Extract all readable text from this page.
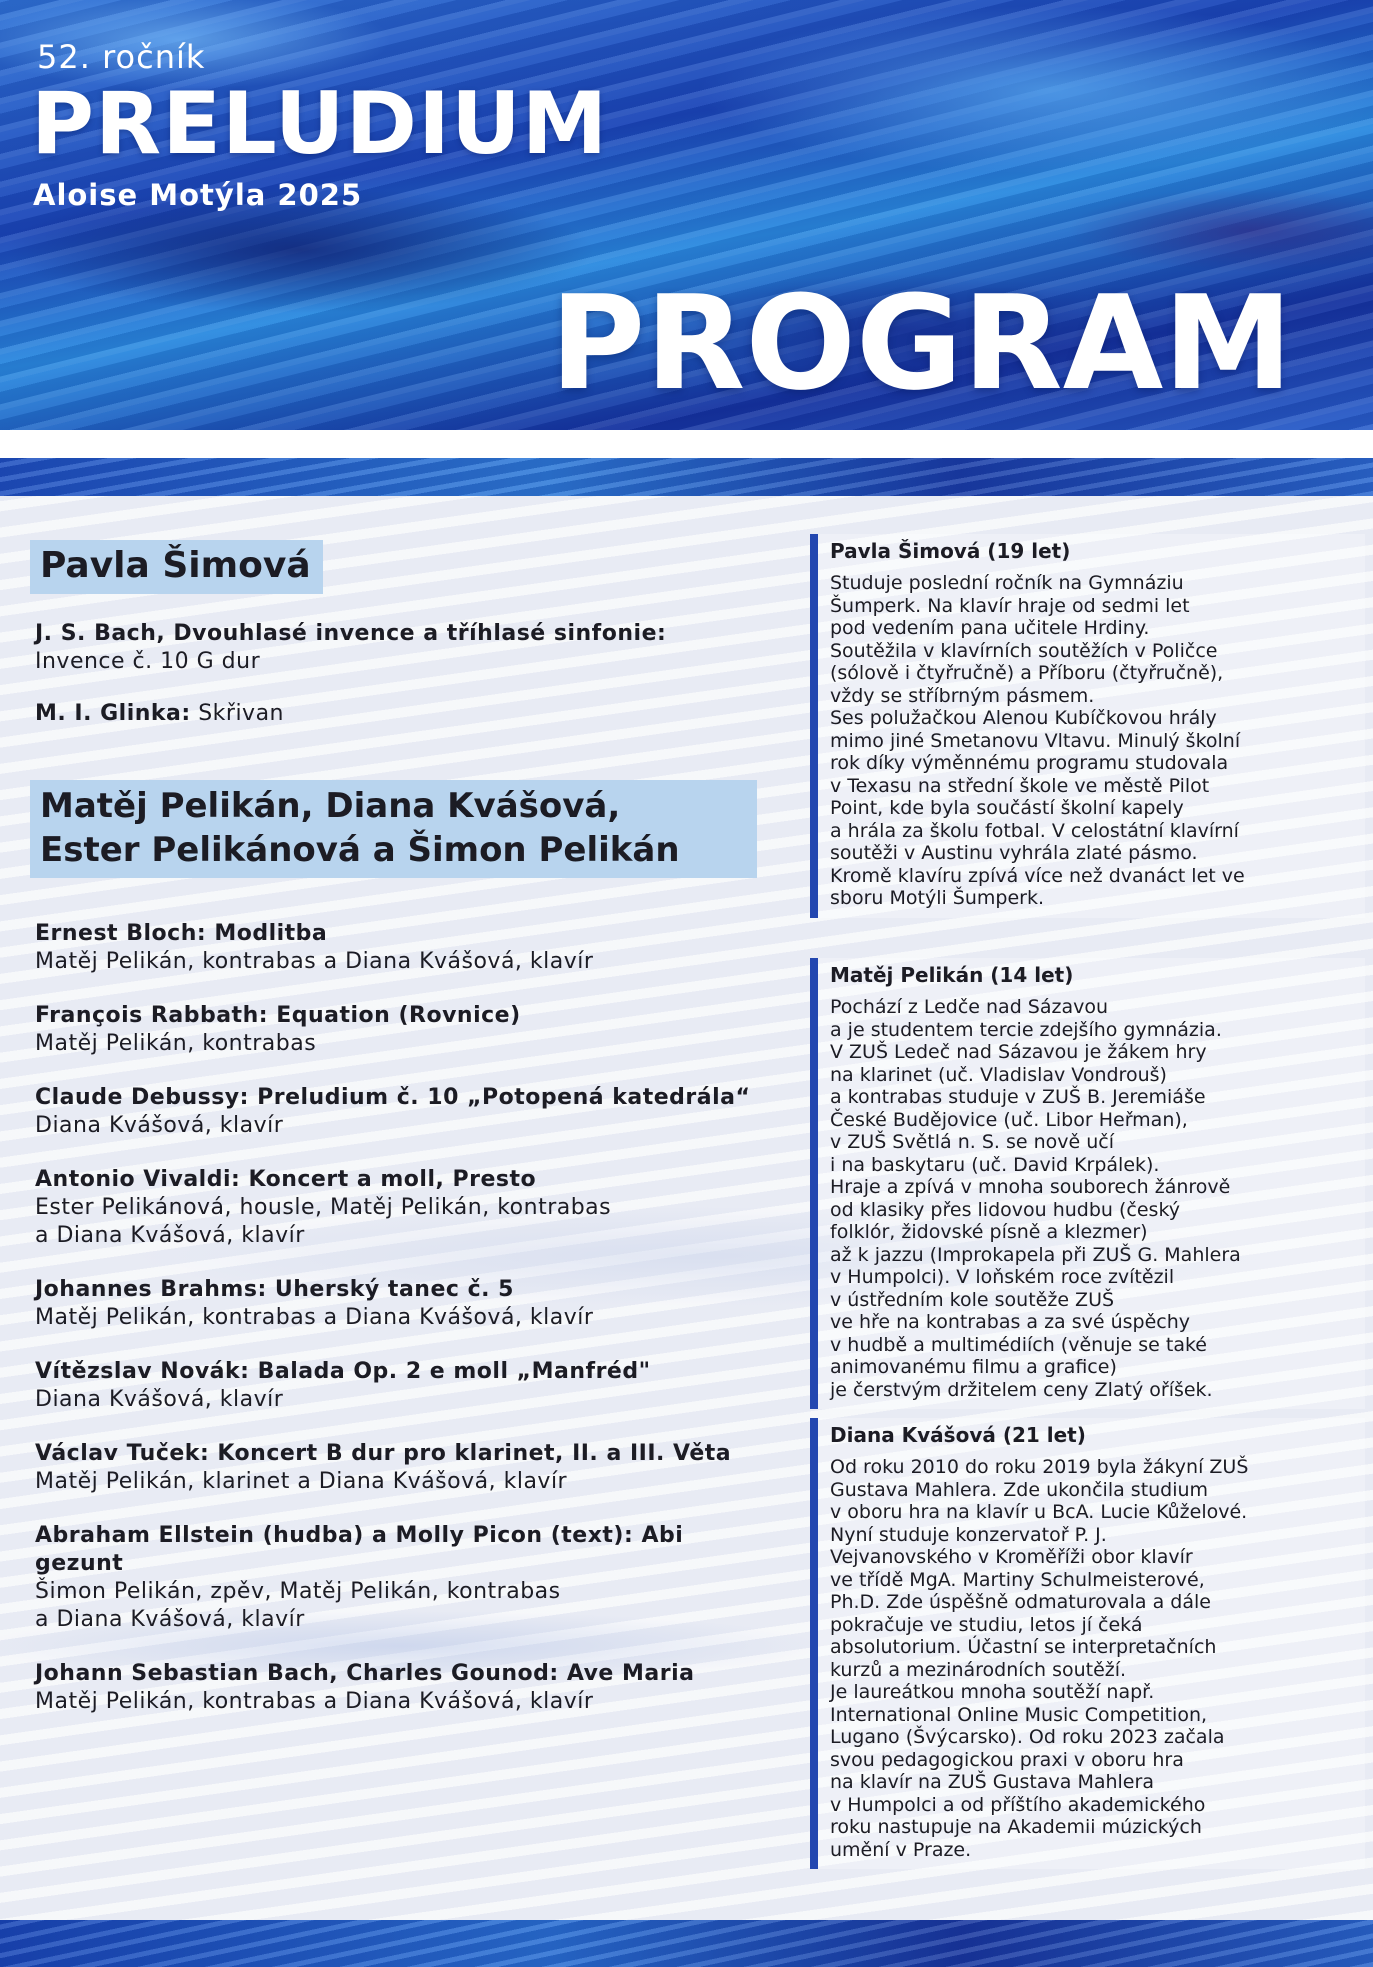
52. ročník

PRELUDIUM

Aloise Motýla 2025

PROGRAM
Pavla Šimová
J. S. Bach, Dvouhlasé invence a tříhlasé sinfonie:
Invence č. 10 G dur
M. I. Glinka: Skřivan
Matěj Pelikán, Diana Kvášová,
Ester Pelikánová a Šimon Pelikán
Ernest Bloch: Modlitba
Matěj Pelikán, kontrabas a Diana Kvášová, klavír
François Rabbath: Equation (Rovnice)
Matěj Pelikán, kontrabas
Claude Debussy: Preludium č. 10 „Potopená katedrála“
Diana Kvášová, klavír
Antonio Vivaldi: Koncert a moll, Presto
Ester Pelikánová, housle, Matěj Pelikán, kontrabas
a Diana Kvášová, klavír
Johannes Brahms: Uherský tanec č. 5
Matěj Pelikán, kontrabas a Diana Kvášová, klavír
Vítězslav Novák: Balada Op. 2 e moll „Manfréd"
Diana Kvášová, klavír
Václav Tuček: Koncert B dur pro klarinet, II. a III. Věta
Matěj Pelikán, klarinet a Diana Kvášová, klavír
Abraham Ellstein (hudba) a Molly Picon (text): Abi gezunt
Šimon Pelikán, zpěv, Matěj Pelikán, kontrabas
a Diana Kvášová, klavír
Johann Sebastian Bach, Charles Gounod: Ave Maria
Matěj Pelikán, kontrabas a Diana Kvášová, klavír
Pavla Šimová (19 let)

Studuje poslední ročník na Gymnáziu
Šumperk. Na klavír hraje od sedmi let
pod vedením pana učitele Hrdiny.
Soutěžila v klavírních soutěžích v Poličce
(sólově i čtyřručně) a Příboru (čtyřručně),
vždy se stříbrným pásmem.
Ses polužačkou Alenou Kubíčkovou hrály
mimo jiné Smetanovu Vltavu. Minulý školní
rok díky výměnnému programu studovala
v Texasu na střední škole ve městě Pilot
Point, kde byla součástí školní kapely
a hrála za školu fotbal. V celostátní klavírní
soutěži v Austinu vyhrála zlaté pásmo.
Kromě klavíru zpívá více než dvanáct let ve
sboru Motýli Šumperk.

Matěj Pelikán (14 let)

Pochází z Ledče nad Sázavou
a je studentem tercie zdejšího gymnázia.
V ZUŠ Ledeč nad Sázavou je žákem hry
na klarinet (uč. Vladislav Vondrouš)
a kontrabas studuje v ZUŠ B. Jeremiáše
České Budějovice (uč. Libor Heřman),
v ZUŠ Světlá n. S. se nově učí
i na baskytaru (uč. David Krpálek).
Hraje a zpívá v mnoha souborech žánrově
od klasiky přes lidovou hudbu (český
folklór, židovské písně a klezmer)
až k jazzu (Improkapela při ZUŠ G. Mahlera
v Humpolci). V loňském roce zvítězil
v ústředním kole soutěže ZUŠ
ve hře na kontrabas a za své úspěchy
v hudbě a multimédiích (věnuje se také
animovanému filmu a grafice)
je čerstvým držitelem ceny Zlatý oříšek.

Diana Kvášová (21 let)

Od roku 2010 do roku 2019 byla žákyní ZUŠ
Gustava Mahlera. Zde ukončila studium
v oboru hra na klavír u BcA. Lucie Kůželové.
Nyní studuje konzervatoř P. J.
Vejvanovského v Kroměříži obor klavír
ve třídě MgA. Martiny Schulmeisterové,
Ph.D. Zde úspěšně odmaturovala a dále
pokračuje ve studiu, letos jí čeká
absolutorium. Účastní se interpretačních
kurzů a mezinárodních soutěží.
Je laureátkou mnoha soutěží např.
International Online Music Competition,
Lugano (Švýcarsko). Od roku 2023 začala
svou pedagogickou praxi v oboru hra
na klavír na ZUŠ Gustava Mahlera
v Humpolci a od příštího akademického
roku nastupuje na Akademii múzických
umění v Praze.
